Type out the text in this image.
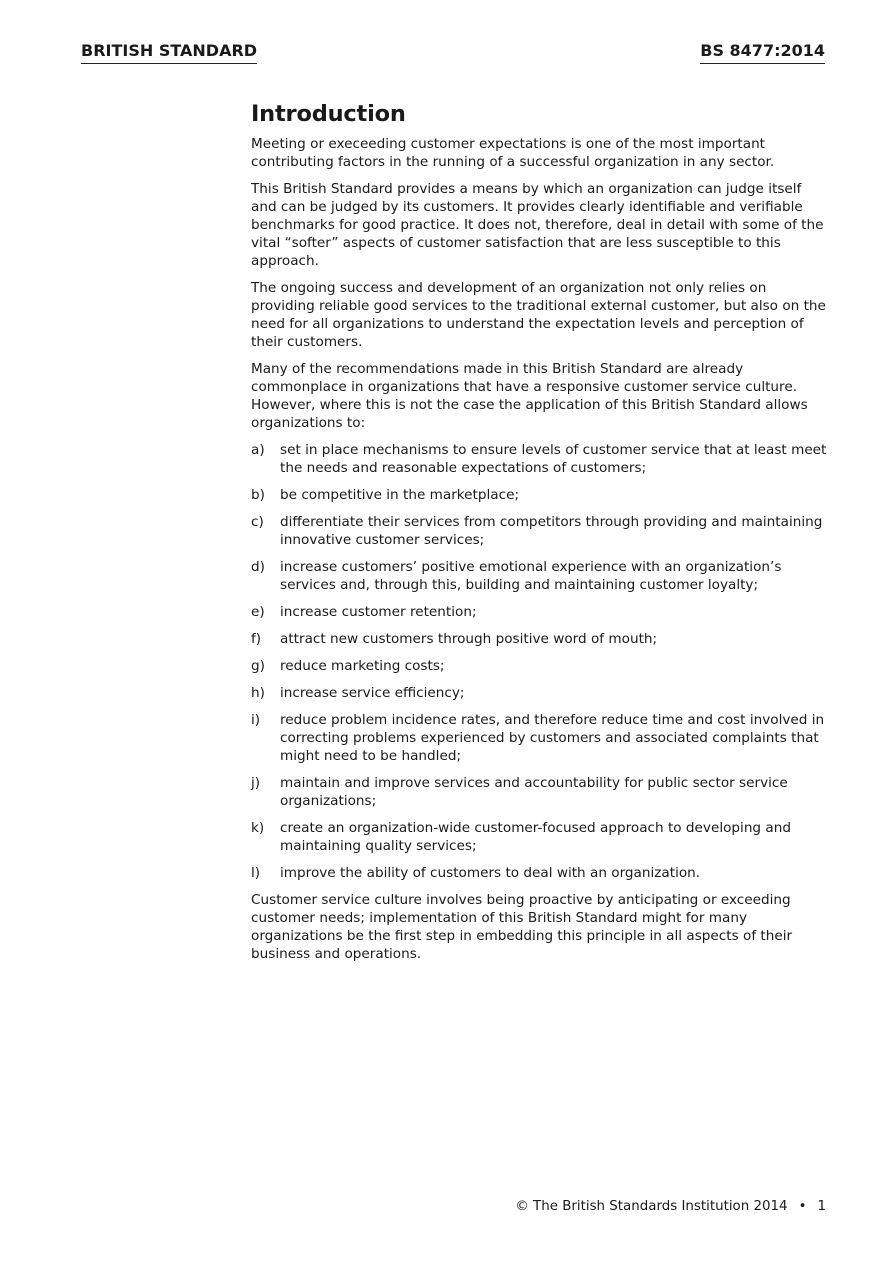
BRITISH STANDARD	BS 8477:2014
Introduction

Meeting or execeeding customer expectations is one of the most important contributing factors in the running of a successful organization in any sector.

This British Standard provides a means by which an organization can judge itself and can be judged by its customers. It provides clearly identifiable and verifiable benchmarks for good practice. It does not, therefore, deal in detail with some of the vital “softer” aspects of customer satisfaction that are less susceptible to this approach.

The ongoing success and development of an organization not only relies on providing reliable good services to the traditional external customer, but also on the need for all organizations to understand the expectation levels and perception of their customers.

Many of the recommendations made in this British Standard are already commonplace in organizations that have a responsive customer service culture. However, where this is not the case the application of this British Standard allows organizations to:

a) set in place mechanisms to ensure levels of customer service that at least meet the needs and reasonable expectations of customers;
b) be competitive in the marketplace;
c) differentiate their services from competitors through providing and maintaining innovative customer services;
d) increase customers’ positive emotional experience with an organization’s services and, through this, building and maintaining customer loyalty;
e) increase customer retention;
f) attract new customers through positive word of mouth;
g) reduce marketing costs;
h) increase service efficiency;
i) reduce problem incidence rates, and therefore reduce time and cost involved in correcting problems experienced by customers and associated complaints that might need to be handled;
j) maintain and improve services and accountability for public sector service organizations;
k) create an organization-wide customer-focused approach to developing and maintaining quality services;
l) improve the ability of customers to deal with an organization.

Customer service culture involves being proactive by anticipating or exceeding customer needs; implementation of this British Standard might for many organizations be the first step in embedding this principle in all aspects of their business and operations.

© The British Standards Institution 2014 • 1
